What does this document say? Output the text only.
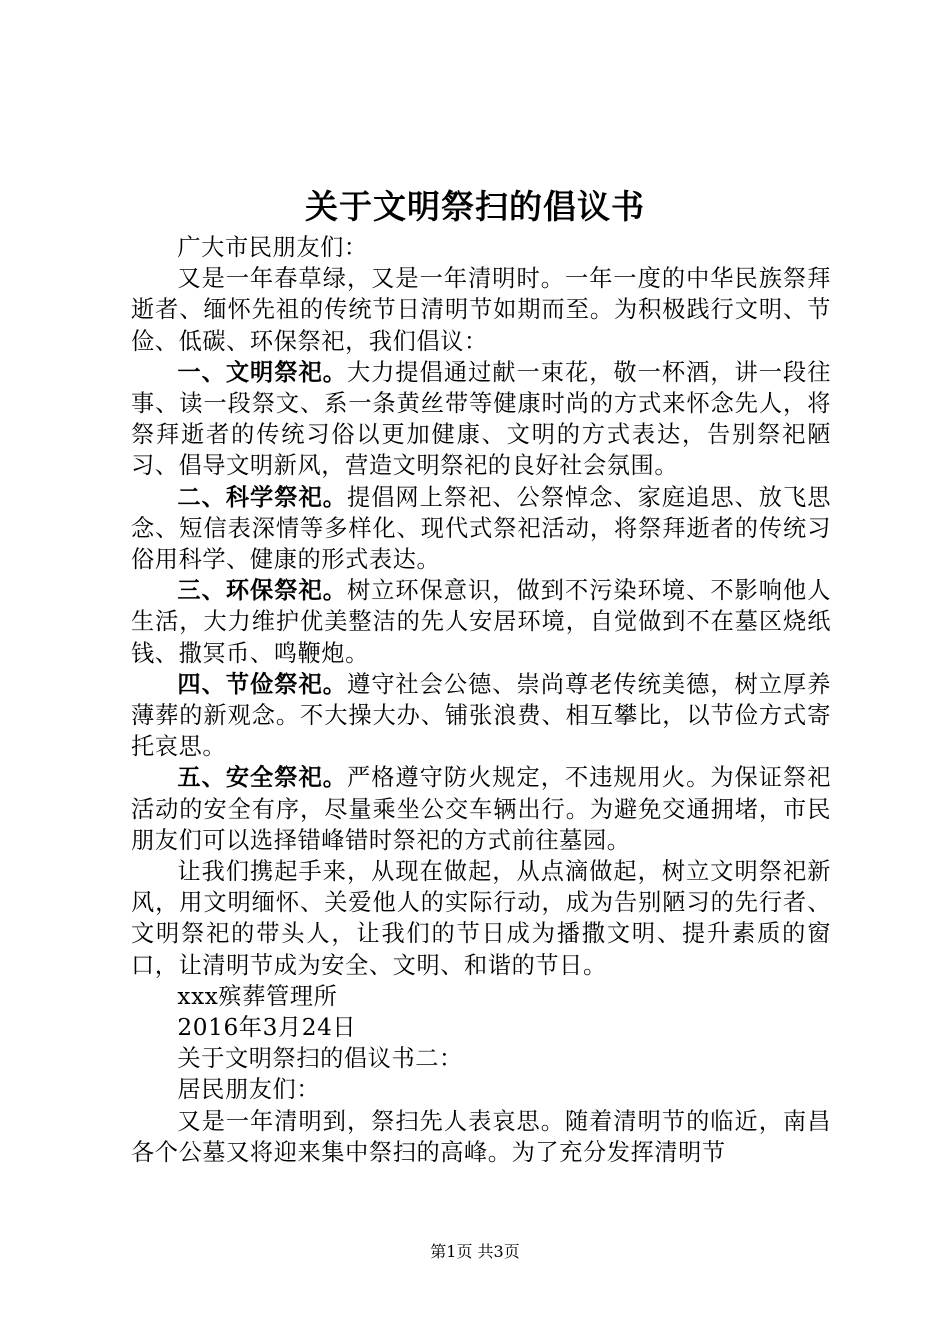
关于文明祭扫的倡议书

广大市民朋友们：

又是一年春草绿，又是一年清明时。一年一度的中华民族祭拜逝者、缅怀先祖的传统节日清明节如期而至。为积极践行文明、节俭、低碳、环保祭祀，我们倡议：

一、文明祭祀。大力提倡通过献一束花，敬一杯酒，讲一段往事、读一段祭文、系一条黄丝带等健康时尚的方式来怀念先人，将祭拜逝者的传统习俗以更加健康、文明的方式表达，告别祭祀陋习、倡导文明新风，营造文明祭祀的良好社会氛围。

二、科学祭祀。提倡网上祭祀、公祭悼念、家庭追思、放飞思念、短信表深情等多样化、现代式祭祀活动，将祭拜逝者的传统习俗用科学、健康的形式表达。

三、环保祭祀。树立环保意识，做到不污染环境、不影响他人生活，大力维护优美整洁的先人安居环境，自觉做到不在墓区烧纸钱、撒冥币、鸣鞭炮。

四、节俭祭祀。遵守社会公德、崇尚尊老传统美德，树立厚养薄葬的新观念。不大操大办、铺张浪费、相互攀比，以节俭方式寄托哀思。

五、安全祭祀。严格遵守防火规定，不违规用火。为保证祭祀活动的安全有序，尽量乘坐公交车辆出行。为避免交通拥堵，市民朋友们可以选择错峰错时祭祀的方式前往墓园。

让我们携起手来，从现在做起，从点滴做起，树立文明祭祀新风，用文明缅怀、关爱他人的实际行动，成为告别陋习的先行者、文明祭祀的带头人，让我们的节日成为播撒文明、提升素质的窗口，让清明节成为安全、文明、和谐的节日。

xxx殡葬管理所

2016年3月24日

关于文明祭扫的倡议书二：

居民朋友们：

又是一年清明到，祭扫先人表哀思。随着清明节的临近，南昌各个公墓又将迎来集中祭扫的高峰。为了充分发挥清明节

第1页 共3页
